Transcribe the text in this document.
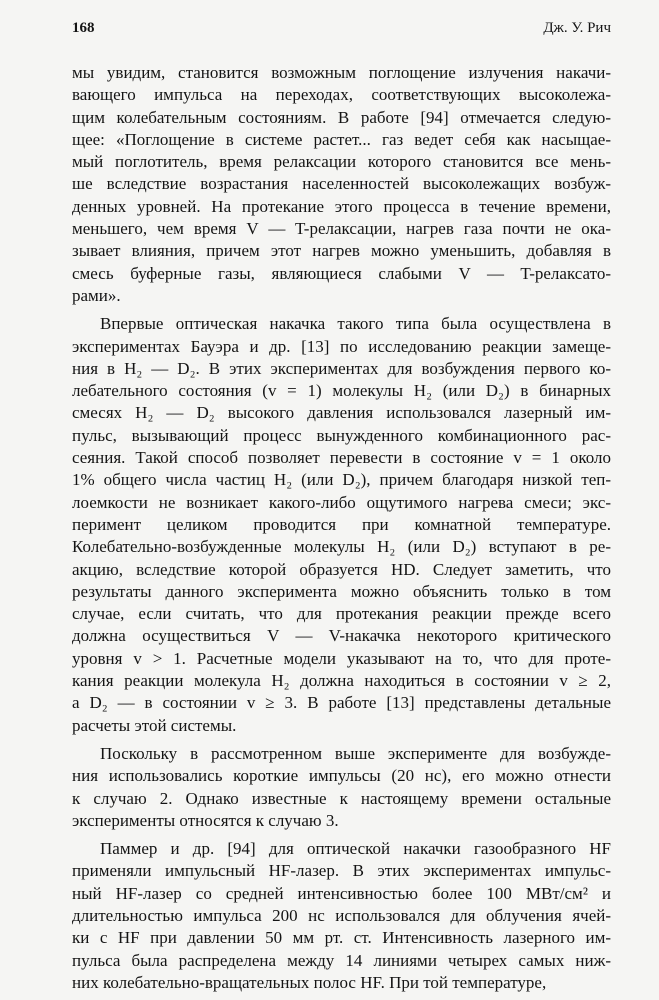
168	Дж. У. Рич
мы увидим, становится возможным поглощение излучения накачи-
вающего импульса на переходах, соответствующих высоколежа-
щим колебательным состояниям. В работе [94] отмечается следую-
щее: «Поглощение в системе растет... газ ведет себя как насыщае-
мый поглотитель, время релаксации которого становится все мень-
ше вследствие возрастания населенностей высоколежащих возбуж-
денных уровней. На протекание этого процесса в течение времени,
меньшего, чем время V — T-релаксации, нагрев газа почти не ока-
зывает влияния, причем этот нагрев можно уменьшить, добавляя в
смесь буферные газы, являющиеся слабыми V — T-релаксато-
рами».
Впервые оптическая накачка такого типа была осуществлена в
экспериментах Бауэра и др. [13] по исследованию реакции замеще-
ния в H₂ — D₂. В этих экспериментах для возбуждения первого ко-
лебательного состояния (v = 1) молекулы H₂ (или D₂) в бинарных
смесях H₂ — D₂ высокого давления использовался лазерный им-
пульс, вызывающий процесс вынужденного комбинационного рас-
сеяния. Такой способ позволяет перевести в состояние v = 1 около
1% общего числа частиц H₂ (или D₂), причем благодаря низкой теп-
лоемкости не возникает какого-либо ощутимого нагрева смеси; экс-
перимент целиком проводится при комнатной температуре.
Колебательно-возбужденные молекулы H₂ (или D₂) вступают в ре-
акцию, вследствие которой образуется HD. Следует заметить, что
результаты данного эксперимента можно объяснить только в том
случае, если считать, что для протекания реакции прежде всего
должна осуществиться V — V-накачка некоторого критического
уровня v > 1. Расчетные модели указывают на то, что для проте-
кания реакции молекула H₂ должна находиться в состоянии v ≥ 2,
а D₂ — в состоянии v ≥ 3. В работе [13] представлены детальные
расчеты этой системы.
Поскольку в рассмотренном выше эксперименте для возбужде-
ния использовались короткие импульсы (20 нс), его можно отнести
к случаю 2. Однако известные к настоящему времени остальные
эксперименты относятся к случаю 3.
Паммер и др. [94] для оптической накачки газообразного HF
применяли импульсный HF-лазер. В этих экспериментах импульс-
ный HF-лазер со средней интенсивностью более 100 МВт/см² и
длительностью импульса 200 нс использовался для облучения ячей-
ки с HF при давлении 50 мм рт. ст. Интенсивность лазерного им-
пульса была распределена между 14 линиями четырех самых ниж-
них колебательно-вращательных полос HF. При той температуре,
